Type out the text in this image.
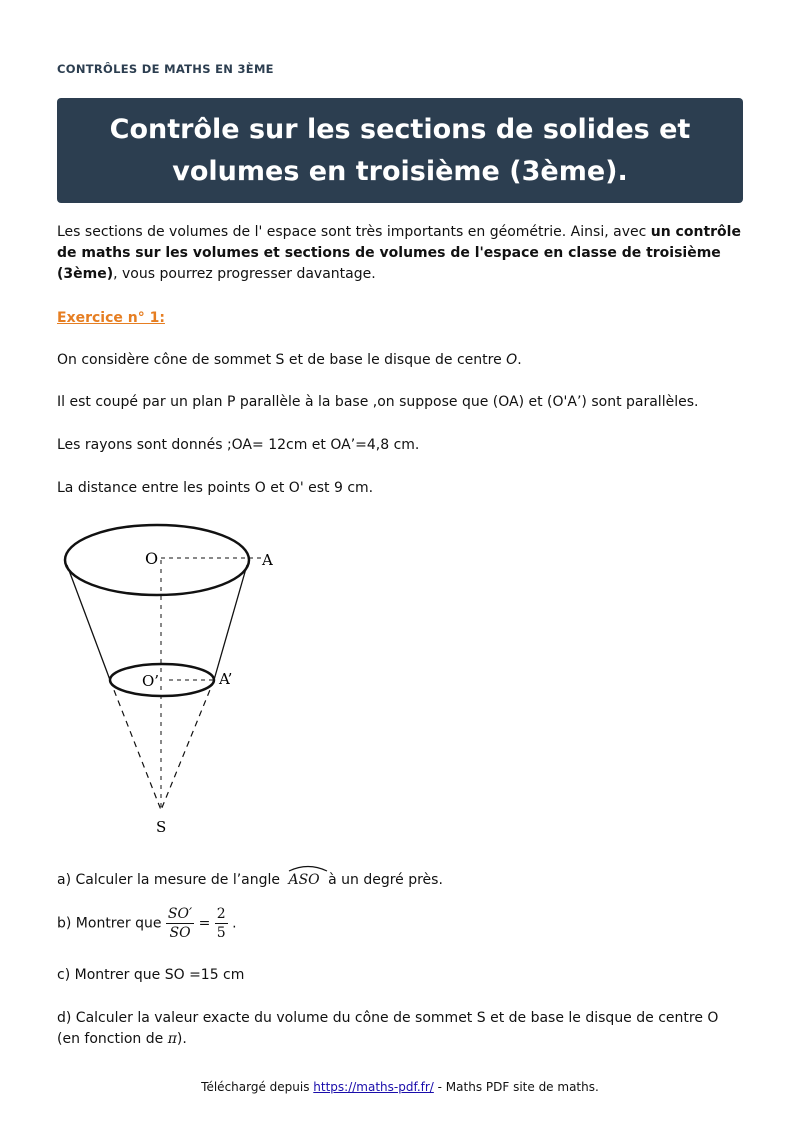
CONTRÔLES DE MATHS EN 3ÈME
Contrôle sur les sections de solides et volumes en troisième (3ème).
Les sections de volumes de l' espace sont très importants en géométrie. Ainsi, avec un contrôle de maths sur les volumes et sections de volumes de l'espace en classe de troisième (3ème), vous pourrez progresser davantage.
Exercice n° 1:
On considère cône de sommet S et de base le disque de centre O.
Il est coupé par un plan P parallèle à la base ,on suppose que (OA) et (O'A’) sont parallèles.
Les rayons sont donnés ;OA= 12cm et OA’=4,8 cm.
La distance entre les points O et O' est 9 cm.
O	A
O’	A’
S
a) Calculer la mesure de l’angle
ASO à un degré près.
b) Montrer que $\frac{SO'}{SO} = \frac{2}{5}$ .
c) Montrer que SO =15 cm
d) Calculer la valeur exacte du volume du cône de sommet S et de base le disque de centre O (en fonction de π).
Téléchargé depuis https://maths-pdf.fr/ - Maths PDF site de maths.
